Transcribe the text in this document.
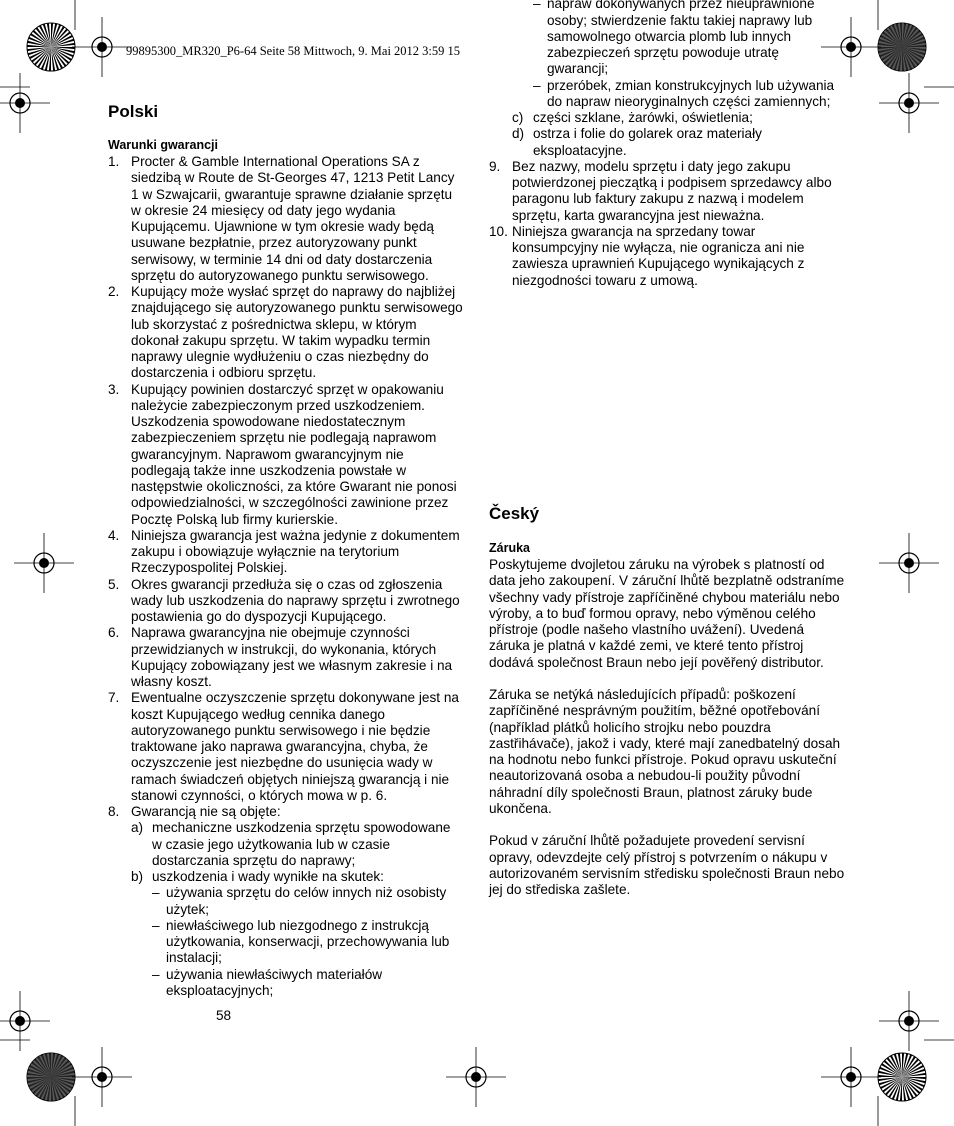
99895300_MR320_P6-64 Seite 58 Mittwoch, 9. Mai 2012 3:59 15
Polski
Warunki gwarancji
1. Procter & Gamble International Operations SA z siedzibą w Route de St-Georges 47, 1213 Petit Lancy 1 w Szwajcarii, gwarantuje sprawne działanie sprzętu w okresie 24 miesięcy od daty jego wydania Kupującemu. Ujawnione w tym okresie wady będą usuwane bezpłatnie, przez autoryzowany punkt serwisowy, w terminie 14 dni od daty dostarczenia sprzętu do autoryzowanego punktu serwisowego.
2. Kupujący może wysłać sprzęt do naprawy do najbliżej znajdującego się autoryzowanego punktu serwisowego lub skorzystać z pośrednictwa sklepu, w którym dokonał zakupu sprzętu. W takim wypadku termin naprawy ulegnie wydłużeniu o czas niezbędny do dostarczenia i odbioru sprzętu.
3. Kupujący powinien dostarczyć sprzęt w opakowaniu należycie zabezpieczonym przed uszkodzeniem. Uszkodzenia spowodowane niedostatecznym zabezpieczeniem sprzętu nie podlegają naprawom gwarancyjnym. Naprawom gwarancyjnym nie podlegają także inne uszkodzenia powstałe w następstwie okoliczności, za które Gwarant nie ponosi odpowiedzialności, w szczególności zawinione przez Pocztę Polską lub firmy kurierskie.
4. Niniejsza gwarancja jest ważna jedynie z dokumentem zakupu i obowiązuje wyłącznie na terytorium Rzeczypospolitej Polskiej.
5. Okres gwarancji przedłuża się o czas od zgłoszenia wady lub uszkodzenia do naprawy sprzętu i zwrotnego postawienia go do dyspozycji Kupującego.
6. Naprawa gwarancyjna nie obejmuje czynności przewidzianych w instrukcji, do wykonania, których Kupujący zobowiązany jest we własnym zakresie i na własny koszt.
7. Ewentualne oczyszczenie sprzętu dokonywane jest na koszt Kupującego według cennika danego autoryzowanego punktu serwisowego i nie będzie traktowane jako naprawa gwarancyjna, chyba, że oczyszczenie jest niezbędne do usunięcia wady w ramach świadczeń objętych niniejszą gwarancją i nie stanowi czynności, o których mowa w p. 6.
8. Gwarancją nie są objęte:
a) mechaniczne uszkodzenia sprzętu spowodowane w czasie jego użytkowania lub w czasie dostarczania sprzętu do naprawy;
b) uszkodzenia i wady wynikłe na skutek:
– używania sprzętu do celów innych niż osobisty użytek;
– niewłaściwego lub niezgodnego z instrukcją użytkowania, konserwacji, przechowywania lub instalacji;
– używania niewłaściwych materiałów eksploatacyjnych;
58
– napraw dokonywanych przez nieuprawnione osoby; stwierdzenie faktu takiej naprawy lub samowolnego otwarcia plomb lub innych zabezpieczeń sprzętu powoduje utratę gwarancji;
– przeróbek, zmian konstrukcyjnych lub używania do napraw nieoryginalnych części zamiennych;
c) części szklane, żarówki, oświetlenia;
d) ostrza i folie do golarek oraz materiały eksploatacyjne.
9. Bez nazwy, modelu sprzętu i daty jego zakupu potwierdzonej pieczątką i podpisem sprzedawcy albo paragonu lub faktury zakupu z nazwą i modelem sprzętu, karta gwarancyjna jest nieważna.
10. Niniejsza gwarancja na sprzedany towar konsumpcyjny nie wyłącza, nie ogranicza ani nie zawiesza uprawnień Kupującego wynikających z niezgodności towaru z umową.
Český
Záruka

Poskytujeme dvojletou záruku na výrobek s platností od data jeho zakoupení. V záruční lhůtě bezplatně odstraníme všechny vady přístroje zapříčiněné chybou materiálu nebo výroby, a to buď formou opravy, nebo výměnou celého přístroje (podle našeho vlastního uvážení). Uvedená záruka je platná v každé zemi, ve které tento přístroj dodává společnost Braun nebo její pověřený distributor.

Záruka se netýká následujících případů: poškození zapříčiněné nesprávným použitím, běžné opotřebování (například plátků holicího strojku nebo pouzdra zastřihávače), jakož i vady, které mají zanedbatelný dosah na hodnotu nebo funkci přístroje. Pokud opravu uskuteční neautorizovaná osoba a nebudou-li použity původní náhradní díly společnosti Braun, platnost záruky bude ukončena.

Pokud v záruční lhůtě požadujete provedení servisní opravy, odevzdejte celý přístroj s potvrzením o nákupu v autorizovaném servisním středisku společnosti Braun nebo jej do střediska zašlete.
